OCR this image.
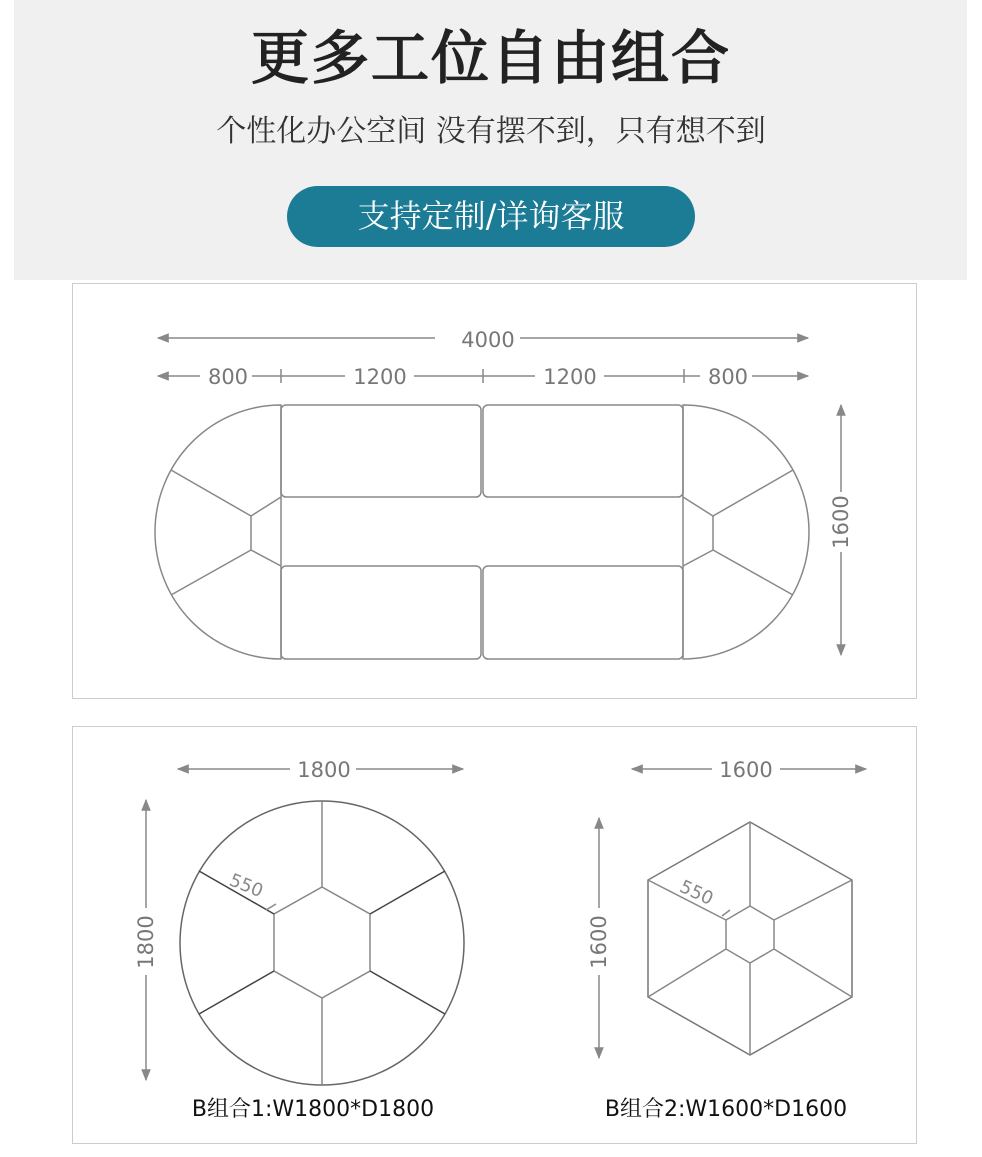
更多工位自由组合
个性化办公空间 没有摆不到，只有想不到
支持定制/详询客服
4000
800	1200	1200	800
1600
1800
1800
550
B组合1:W1800*D1800
1600
1600
550
B组合2:W1600*D1600
